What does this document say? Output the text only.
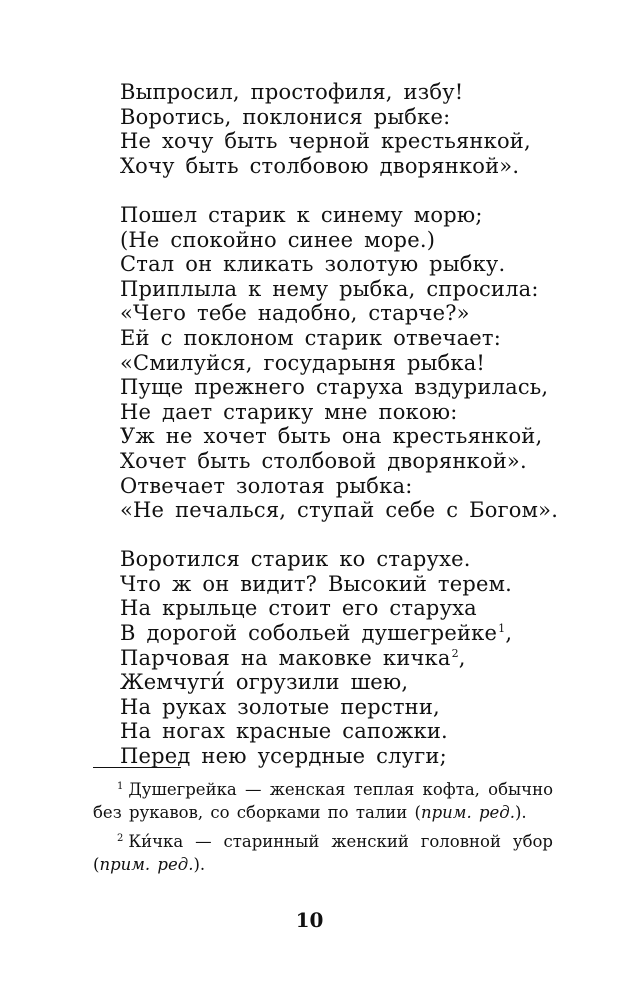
Выпросил, простофиля, избу!
Воротись, поклонися рыбке:
Не хочу быть черной крестьянкой,
Хочу быть столбовою дворянкой».
Пошел старик к синему морю;
(Не спокойно синее море.)
Стал он кликать золотую рыбку.
Приплыла к нему рыбка, спросила:
«Чего тебе надобно, старче?»
Ей с поклоном старик отвечает:
«Смилуйся, государыня рыбка!
Пуще прежнего старуха вздурилась,
Не дает старику мне покою:
Уж не хочет быть она крестьянкой,
Хочет быть столбовой дворянкой».
Отвечает золотая рыбка:
«Не печалься, ступай себе с Богом».
Воротился старик ко старухе.
Что ж он видит? Высокий терем.
На крыльце стоит его старуха
В дорогой собольей душегрейке$^1$,
Парчовая на маковке кичка$^2$,
Жемчуги́ огрузили шею,
На руках золотые перстни,
На ногах красные сапожки.
Перед нею усердные слуги;

$^1$ Душегрейка — женская теплая кофта, обычно без рукавов, со сборками по талии (прим. ред.).

$^2$ Ки́чка — старинный женский головной убор (прим. ред.).

10
